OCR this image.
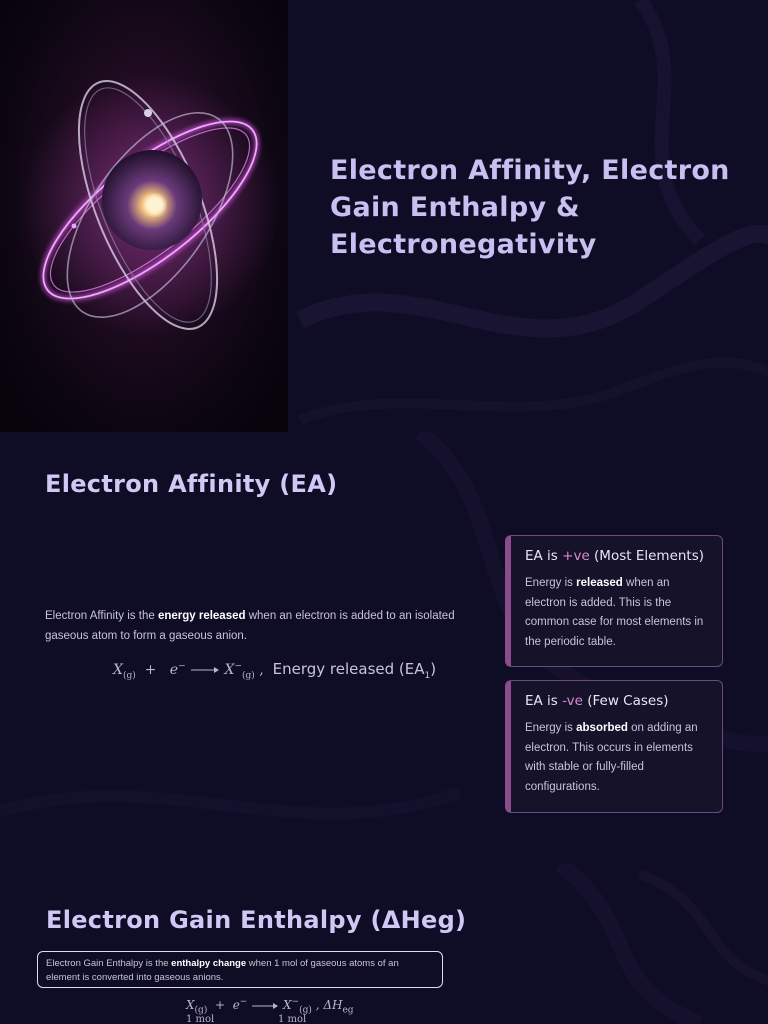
Electron Affinity, Electron
Gain Enthalpy &
Electronegativity
Electron Affinity (EA)

Electron Affinity is the energy released when an electron is added to an isolated gaseous atom to form a gaseous anion.

$X_{(g)} + e^- \to X^-_{(g)}$ , Energy released $(EA_1)$
EA is +ve (Most Elements)
Energy is released when an electron is added. This is the common case for most elements in the periodic table.
EA is -ve (Few Cases)
Energy is absorbed on adding an electron. This occurs in elements with stable or fully-filled configurations.
Electron Gain Enthalpy (ΔHeg)
Electron Gain Enthalpy is the enthalpy change when 1 mol of gaseous atoms of an element is converted into gaseous anions.
$X_{(g)} + e^- \to X^-_{(g)}$ , $\Delta H_{eg}$
1 mol	1 mol
